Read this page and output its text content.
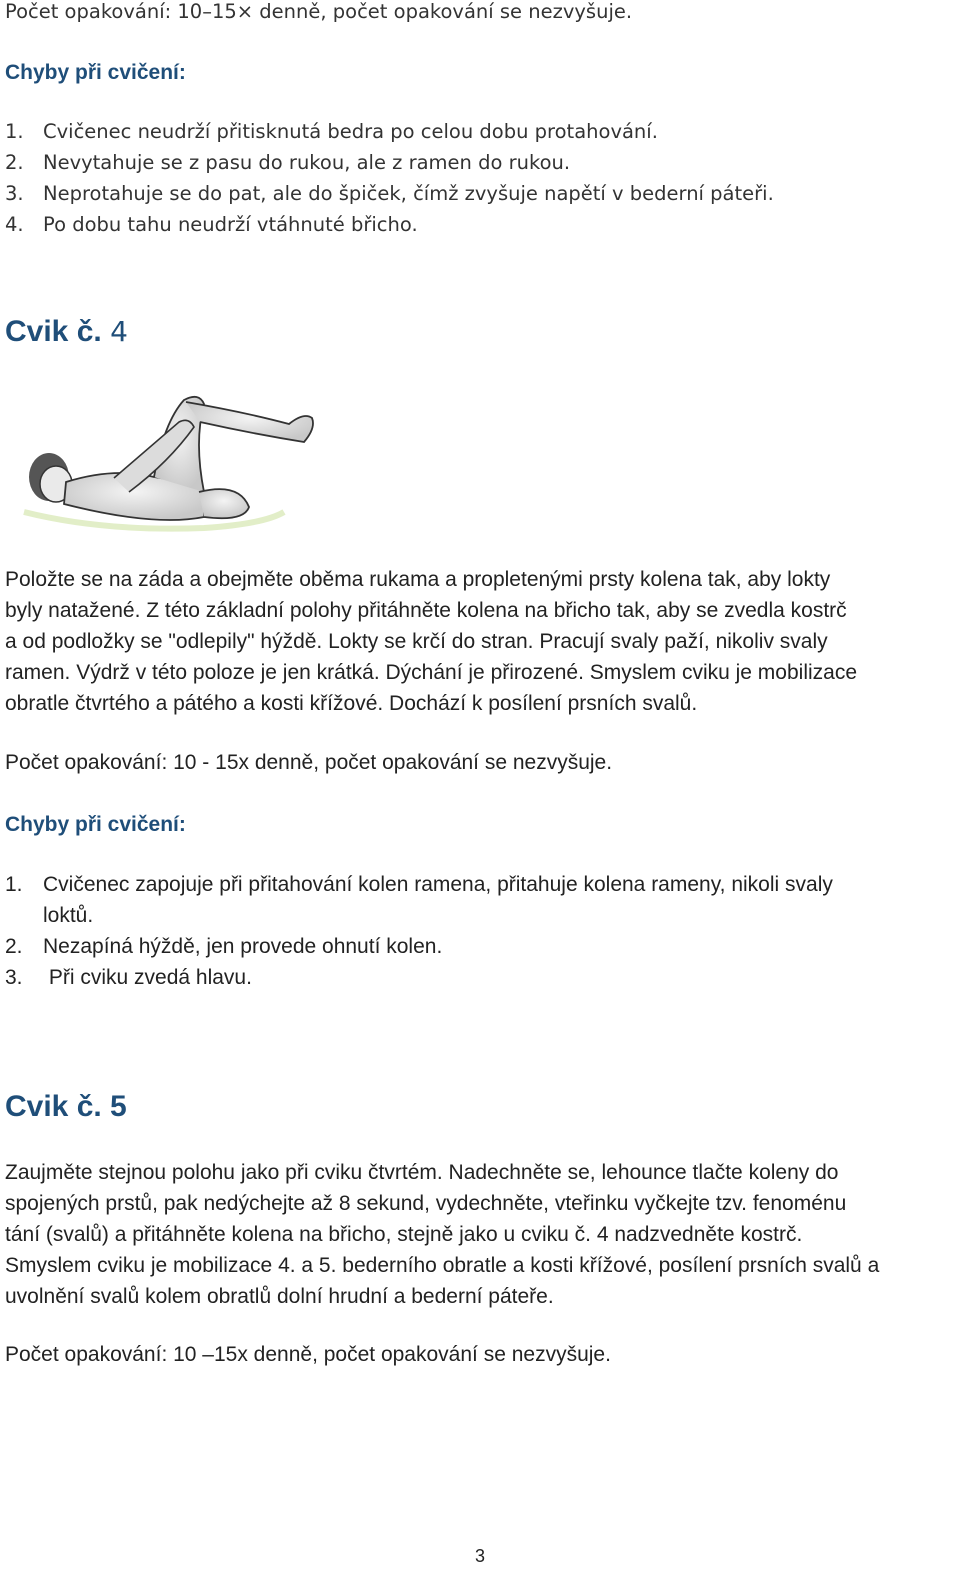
Počet opakování: 10–15× denně, počet opakování se nezvyšuje.

Chyby při cvičení:

1. Cvičenec neudrží přitisknutá bedra po celou dobu protahování.
2. Nevytahuje se z pasu do rukou, ale z ramen do rukou.
3. Neprotahuje se do pat, ale do špiček, čímž zvyšuje napětí v bederní páteři.
4. Po dobu tahu neudrží vtáhnuté břicho.
Cvik č. 4
Položte se na záda a obejměte oběma rukama a propletenými prsty kolena tak, aby lokty
byly natažené. Z této základní polohy přitáhněte kolena na břicho tak, aby se zvedla kostrč
a od podložky se "odlepily" hýždě. Lokty se krčí do stran. Pracují svaly paží, nikoliv svaly
ramen. Výdrž v této poloze je jen krátká. Dýchání je přirozené. Smyslem cviku je mobilizace
obratle čtvrtého a pátého a kosti křížové. Dochází k posílení prsních svalů.

Počet opakování: 10 - 15x denně, počet opakování se nezvyšuje.

Chyby při cvičení:

1. Cvičenec zapojuje při přitahování kolen ramena, přitahuje kolena rameny, nikoli svaly
loktů.
2. Nezapíná hýždě, jen provede ohnutí kolen.
3. Při cviku zvedá hlavu.
Cvik č. 5
Zaujměte stejnou polohu jako při cviku čtvrtém. Nadechněte se, lehounce tlačte koleny do
spojených prstů, pak nedýchejte až 8 sekund, vydechněte, vteřinku vyčkejte tzv. fenoménu
tání (svalů) a přitáhněte kolena na břicho, stejně jako u cviku č. 4 nadzvedněte kostrč.
Smyslem cviku je mobilizace 4. a 5. bederního obratle a kosti křížové, posílení prsních svalů a
uvolnění svalů kolem obratlů dolní hrudní a bederní páteře.

Počet opakování: 10 –15x denně, počet opakování se nezvyšuje.

3
